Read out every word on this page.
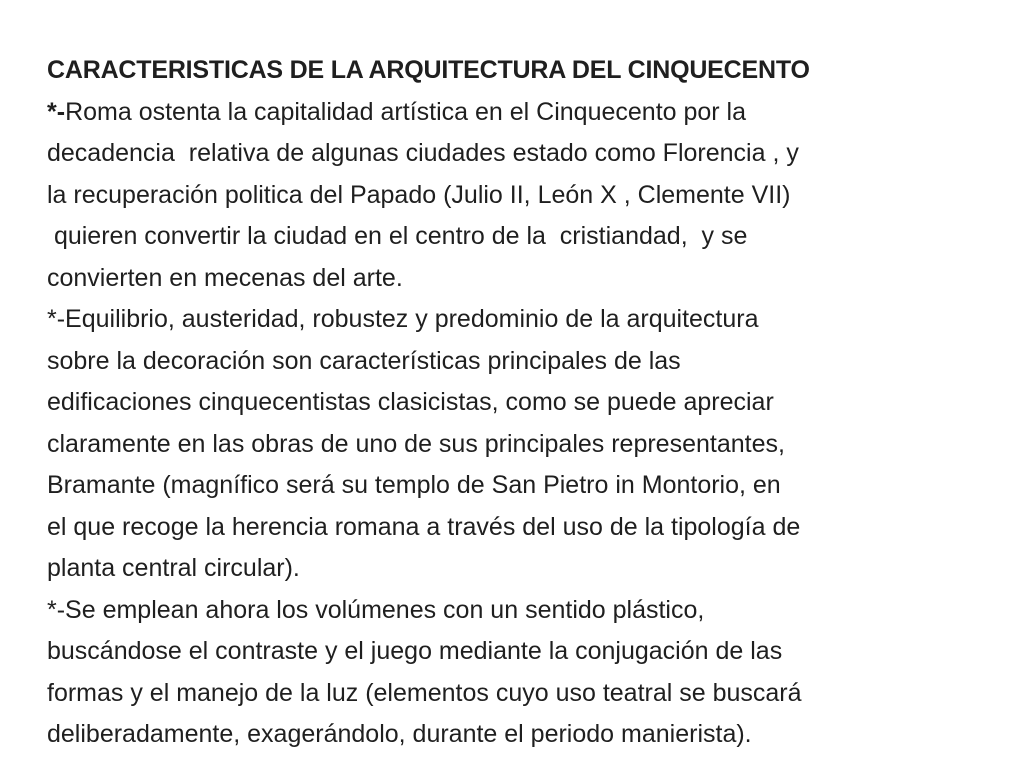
CARACTERISTICAS DE LA ARQUITECTURA DEL CINQUECENTO
*-Roma ostenta la capitalidad artística en el Cinquecento por la
decadencia  relativa de algunas ciudades estado como Florencia , y
la recuperación politica del Papado (Julio II, León X , Clemente VII)
quieren convertir la ciudad en el centro de la  cristiandad,  y se
convierten en mecenas del arte.
*-Equilibrio, austeridad, robustez y predominio de la arquitectura
sobre la decoración son características principales de las
edificaciones cinquecentistas clasicistas, como se puede apreciar
claramente en las obras de uno de sus principales representantes,
Bramante (magnífico será su templo de San Pietro in Montorio, en
el que recoge la herencia romana a través del uso de la tipología de
planta central circular).
*-Se emplean ahora los volúmenes con un sentido plástico,
buscándose el contraste y el juego mediante la conjugación de las
formas y el manejo de la luz (elementos cuyo uso teatral se buscará
deliberadamente, exagerándolo, durante el periodo manierista).
